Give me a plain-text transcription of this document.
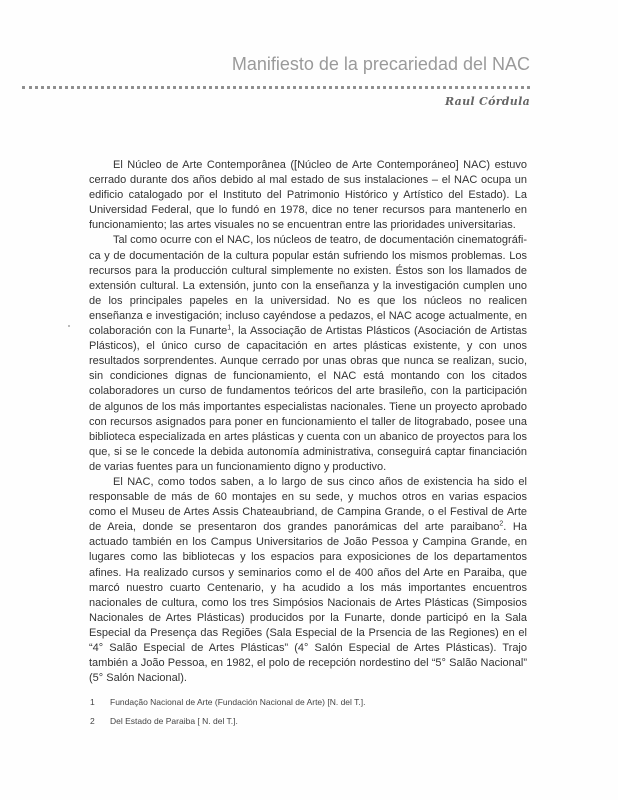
Manifiesto de la precariedad del NAC
Raul Córdula

El Núcleo de Arte Contemporânea ([Núcleo de Arte Contemporáneo] NAC) estuvo cerrado durante dos años debido al mal estado de sus instalaciones – el NAC ocupa un edificio catalogado por el Instituto del Patrimonio Histórico y Artístico del Estado). La Universidad Federal, que lo fundó en 1978, dice no tener recursos para mantenerlo en funcionamiento; las artes visuales no se encuentran entre las prioridades universitarias.

Tal como ocurre con el NAC, los núcleos de teatro, de documentación cinematográfica y de documentación de la cultura popular están sufriendo los mismos problemas. Los recursos para la producción cultural simplemente no existen. Éstos son los llamados de extensión cultural. La extensión, junto con la enseñanza y la investigación cumplen uno de los principales papeles en la universidad. No es que los núcleos no realicen enseñanza e investigación; incluso cayéndose a pedazos, el NAC acoge actualmente, en colaboración con la Funarte$^1$, la Associação de Artistas Plásticos (Asociación de Artistas Plásticos), el único curso de capacitación en artes plásticas existente, y con unos resultados sorprendentes. Aunque cerrado por unas obras que nunca se realizan, sucio, sin condiciones dignas de funcionamiento, el NAC está montando con los citados colaboradores un curso de fundamentos teóricos del arte brasileño, con la participación de algunos de los más importantes especialistas nacionales. Tiene un proyecto aprobado con recursos asignados para poner en funcionamiento el taller de litograbado, posee una biblioteca especializada en artes plásticas y cuenta con un abanico de proyectos para los que, si se le concede la debida autonomía administrativa, conseguirá captar financiación de varias fuentes para un funcionamiento digno y productivo.

El NAC, como todos saben, a lo largo de sus cinco años de existencia ha sido el responsable de más de 60 montajes en su sede, y muchos otros en varias espacios como el Museu de Artes Assis Chateaubriand, de Campina Grande, o el Festival de Arte de Areia, donde se presentaron dos grandes panorámicas del arte paraibano$^2$. Ha actuado también en los Campus Universitarios de João Pessoa y Campina Grande, en lugares como las bibliotecas y los espacios para exposiciones de los departamentos afines. Ha realizado cursos y seminarios como el de 400 años del Arte en Paraiba, que marcó nuestro cuarto Centenario, y ha acudido a los más importantes encuentros nacionales de cultura, como los tres Simpósios Nacionais de Artes Plásticas (Simposios Nacionales de Artes Plásticas) producidos por la Funarte, donde participó en la Sala Especial da Presença das Regiões (Sala Especial de la Prsencia de las Regiones) en el “4° Salão Especial de Artes Plásticas” (4° Salón Especial de Artes Plásticas). Trajo también a João Pessoa, en 1982, el polo de recepción nordestino del “5° Salão Nacional” (5° Salón Nacional).

1	Fundação Nacional de Arte (Fundación Nacional de Arte) [N. del T.].
2	Del Estado de Paraiba [ N. del T.].
